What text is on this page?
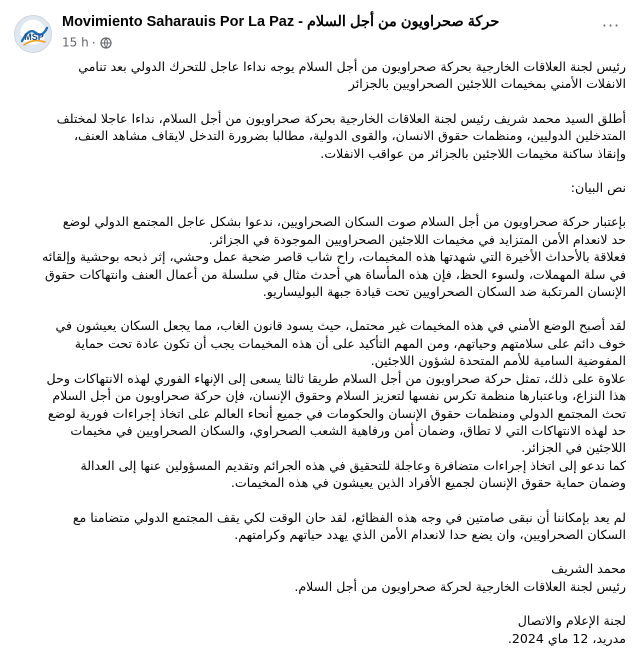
MSP
Movimiento Saharauis Por La Paz - حركة صحراويون من أجل السلام
15 h ·
···

رئيس لجنة العلاقات الخارجية بحركة صحراويون من أجل السلام يوجه نداءا عاجل للتحرك الدولي بعد تنامي
الانفلات الأمني بمخيمات اللاجئين الصحراويين بالجزائر

أطلق السيد محمد شريف رئيس لجنة العلاقات الخارجية بحركة صحراويون من أجل السلام، نداءا عاجلا لمختلف
المتدخلين الدوليين، ومنظمات حقوق الانسان، والقوى الدولية، مطالبا بضرورة التدخل لايقاف مشاهد العنف،
وإنقاذ ساكنة مخيمات اللاجئين بالجزائر من عواقب الانفلات.

نص البيان:

بإعتبار حركة صحراويون من أجل السلام صوت السكان الصحراويين، ندعوا بشكل عاجل المجتمع الدولي لوضع
حد لانعدام الأمن المتزايد في مخيمات اللاجئين الصحراويين الموجودة في الجزائر.
فعلاقة بالأحداث الأخيرة التي شهدتها هذه المخيمات، راح شاب قاصر ضحية عمل وحشي، إثر ذبحه بوحشية وإلقائه
في سلة المهملات، ولسوء الحظ، فإن هذه المأساة هي أحدث مثال في سلسلة من أعمال العنف وانتهاكات حقوق
الإنسان المرتكبة ضد السكان الصحراويين تحت قيادة جبهة البوليساريو.

لقد أصبح الوضع الأمني في هذه المخيمات غير محتمل، حيث يسود قانون الغاب، مما يجعل السكان يعيشون في
خوف دائم على سلامتهم وحياتهم، ومن المهم التأكيد على أن هذه المخيمات يجب أن تكون عادة تحت حماية
المفوضية السامية للأمم المتحدة لشؤون اللاجئين.
علاوة على ذلك، تمثل حركة صحراويون من أجل السلام طريقا ثالثا يسعى إلى الإنهاء الفوري لهذه الانتهاكات وحل
هذا النزاع، وباعتبارها منظمة تكرس نفسها لتعزيز السلام وحقوق الإنسان، فإن حركة صحراويون من أجل السلام
تحث المجتمع الدولي ومنظمات حقوق الإنسان والحكومات في جميع أنحاء العالم على اتخاذ إجراءات فورية لوضع
حد لهذه الانتهاكات التي لا تطاق، وضمان أمن ورفاهية الشعب الصحراوي، والسكان الصحراويين في مخيمات
اللاجئين في الجزائر.
كما ندعو إلى اتخاذ إجراءات متضافرة وعاجلة للتحقيق في هذه الجرائم وتقديم المسؤولين عنها إلى العدالة
وضمان حماية حقوق الإنسان لجميع الأفراد الذين يعيشون في هذه المخيمات.

لم يعد بإمكاننا أن نبقى صامتين في وجه هذه الفظائع، لقد حان الوقت لكي يقف المجتمع الدولي متضامنا مع
السكان الصحراويين، وان يضع حدا لانعدام الأمن الذي يهدد حياتهم وكرامتهم.

محمد الشريف
رئيس لجنة العلاقات الخارجية لحركة صحراويون من أجل السلام.

لجنة الإعلام والاتصال
مدريد، 12 ماي 2024.
